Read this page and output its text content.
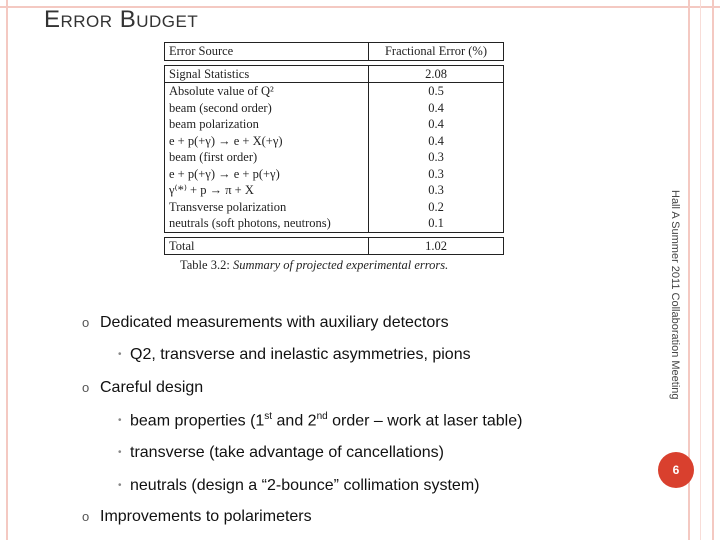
Error Budget
Error Source	Fractional Error (%)

Signal Statistics	2.08
Absolute value of Q²	0.5
beam (second order)	0.4
beam polarization	0.4
e + p(+γ) → e + X(+γ)	0.4
beam (first order)	0.3
e + p(+γ) → e + p(+γ)	0.3
γ⁽*⁾ + p → π + X	0.3
Transverse polarization	0.2
neutrals (soft photons, neutrons)	0.1

Total	1.02
Table 3.2: Summary of projected experimental errors.	Hall A Summer 2011 Collaboration Meeting
6
o Dedicated measurements with auxiliary detectors
• Q2, transverse and inelastic asymmetries, pions
o Careful design
• beam properties (1st and 2nd order – work at laser table)
• transverse (take advantage of cancellations)
• neutrals (design a “2-bounce” collimation system)
o Improvements to polarimeters
